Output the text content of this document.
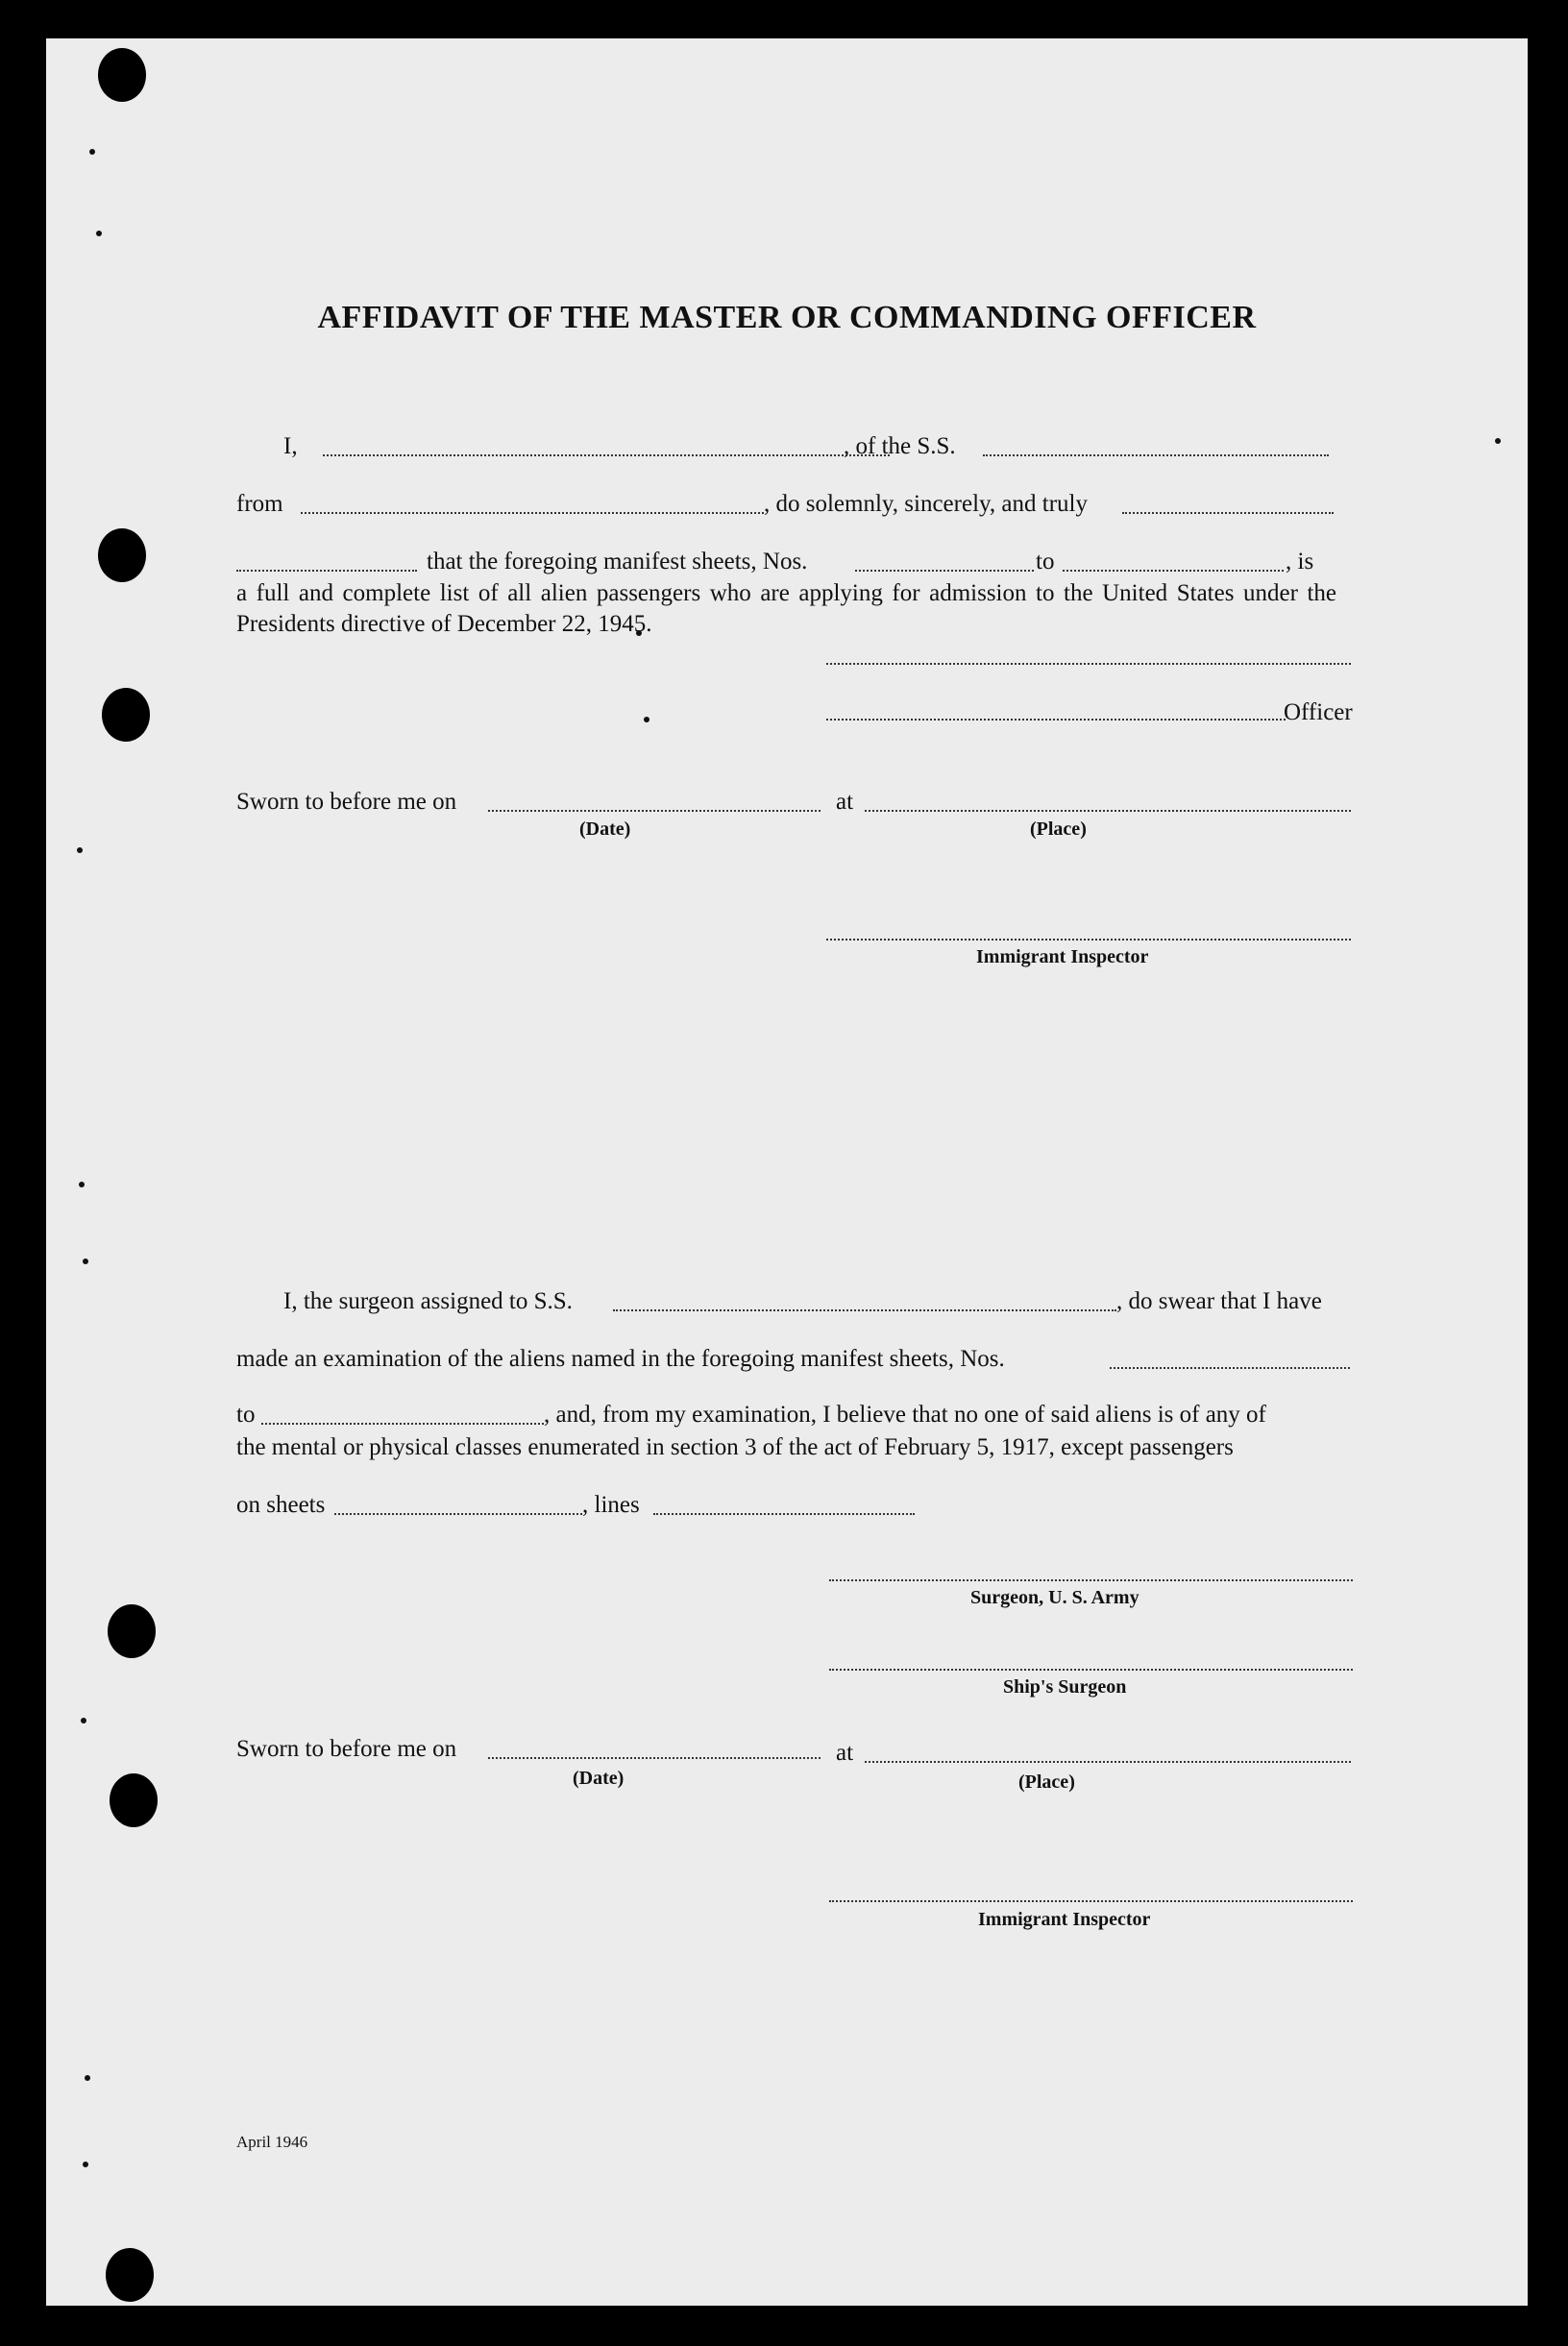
AFFIDAVIT OF THE MASTER OR COMMANDING OFFICER
I,	, of the S.S.
from	, do solemnly, sincerely, and truly
that the foregoing manifest sheets, Nos.	to	, is
a full and complete list of all alien passengers who are applying for admission to the United States under the Presidents directive of December 22, 1945.
Officer
Sworn to before me on	at
(Date)	(Place)
Immigrant Inspector
I, the surgeon assigned to S.S.	, do swear that I have
made an examination of the aliens named in the foregoing manifest sheets, Nos.
to	, and, from my examination, I believe that no one of said aliens is of any of
the mental or physical classes enumerated in section 3 of the act of February 5, 1917, except passengers
on sheets	, lines
Surgeon, U. S. Army
Ship's Surgeon
Sworn to before me on	at
(Date)	(Place)
Immigrant Inspector
April 1946
